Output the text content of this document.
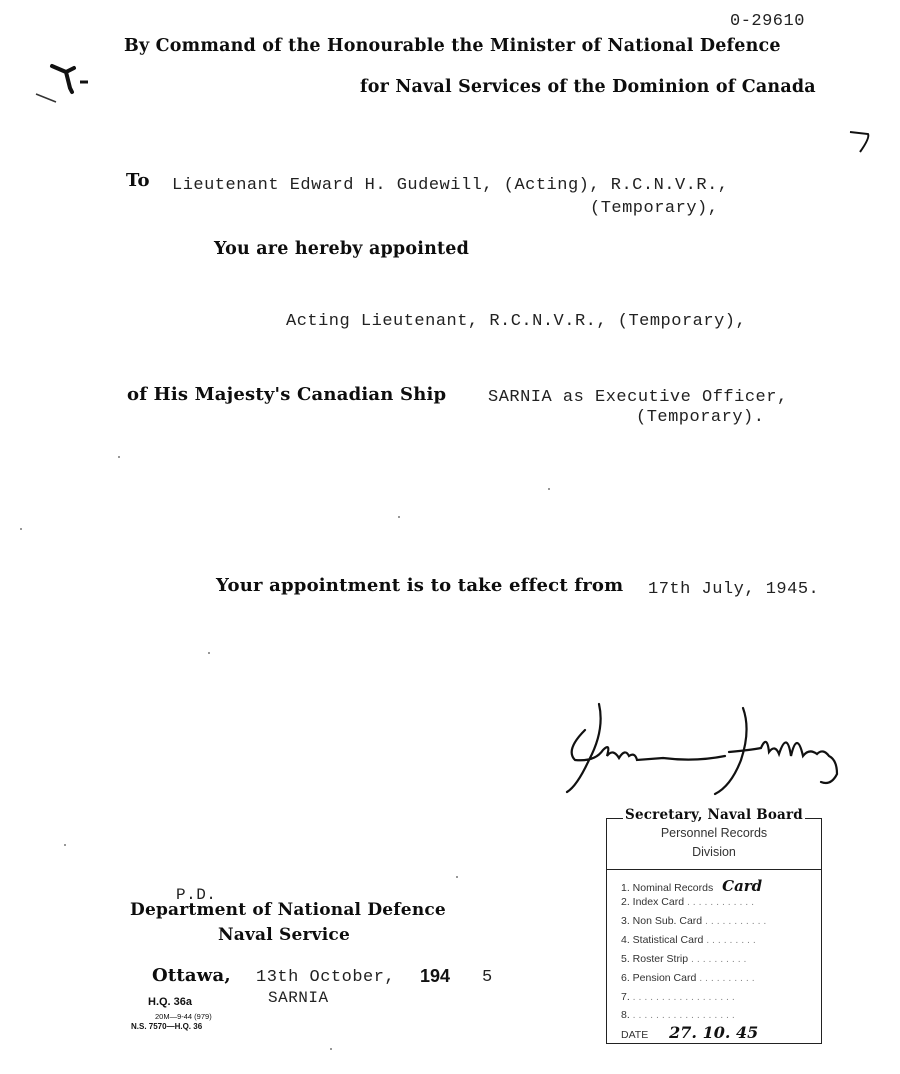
0-29610
By Command of the Honourable the Minister of National Defence
for Naval Services of the Dominion of Canada
To Lieutenant Edward H. Gudewill, (Acting), R.C.N.V.R.,
(Temporary),
You are hereby appointed
Acting Lieutenant, R.C.N.V.R., (Temporary),
of His Majesty's Canadian Ship SARNIA as Executive Officer,
(Temporary).
Your appointment is to take effect from 17th July, 1945.
Secretary, Naval Board
Personnel Records
Division
1. Nominal Records Card
2. Index Card . . . . . . . . . . . .
3. Non Sub. Card . . . . . . . . . . .
4. Statistical Card . . . . . . . . .
5. Roster Strip . . . . . . . . . .
6. Pension Card . . . . . . . . . .
7. . . . . . . . . . . . . . . . . . .
8. . . . . . . . . . . . . . . . . . .
DATE 27. 10. 45
P.D.
Department of National Defence
Naval Service
Ottawa, 13th October, 194 5
SARNIA
H.Q. 36a
20M—9-44 (979)
N.S. 7570—H.Q. 36
